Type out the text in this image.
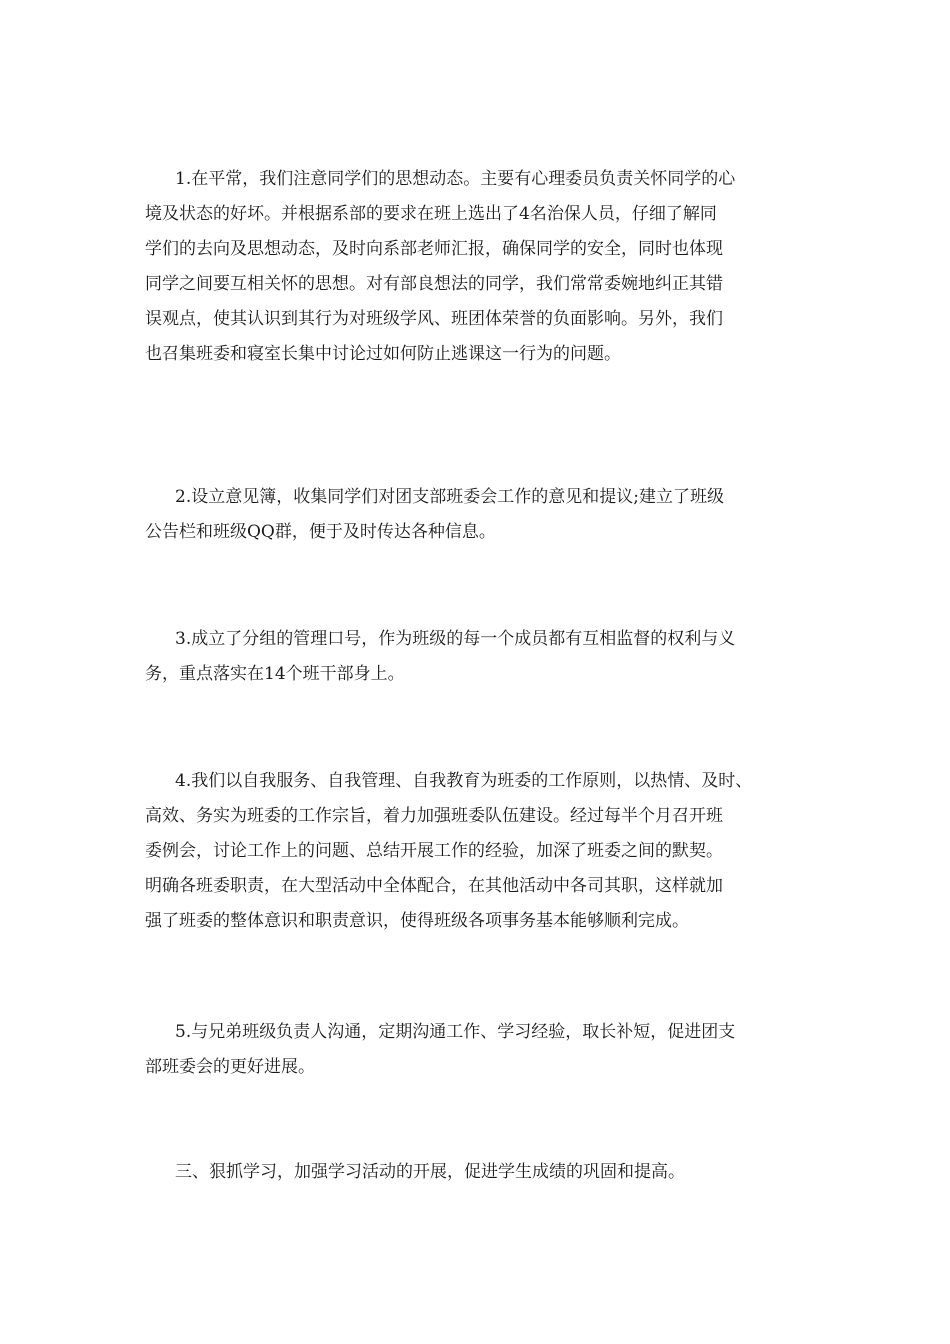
1.在平常，我们注意同学们的思想动态。主要有心理委员负责关怀同学的心
境及状态的好坏。并根据系部的要求在班上选出了4名治保人员，仔细了解同
学们的去向及思想动态，及时向系部老师汇报，确保同学的安全，同时也体现
同学之间要互相关怀的思想。对有部良想法的同学，我们常常委婉地纠正其错
误观点，使其认识到其行为对班级学风、班团体荣誉的负面影响。另外，我们
也召集班委和寝室长集中讨论过如何防止逃课这一行为的问题。
2.设立意见簿，收集同学们对团支部班委会工作的意见和提议;建立了班级
公告栏和班级QQ群，便于及时传达各种信息。
3.成立了分组的管理口号，作为班级的每一个成员都有互相监督的权利与义
务，重点落实在14个班干部身上。
4.我们以自我服务、自我管理、自我教育为班委的工作原则，以热情、及时、
高效、务实为班委的工作宗旨，着力加强班委队伍建设。经过每半个月召开班
委例会，讨论工作上的问题、总结开展工作的经验，加深了班委之间的默契。
明确各班委职责，在大型活动中全体配合，在其他活动中各司其职，这样就加
强了班委的整体意识和职责意识，使得班级各项事务基本能够顺利完成。
5.与兄弟班级负责人沟通，定期沟通工作、学习经验，取长补短，促进团支
部班委会的更好进展。
三、狠抓学习，加强学习活动的开展，促进学生成绩的巩固和提高。
